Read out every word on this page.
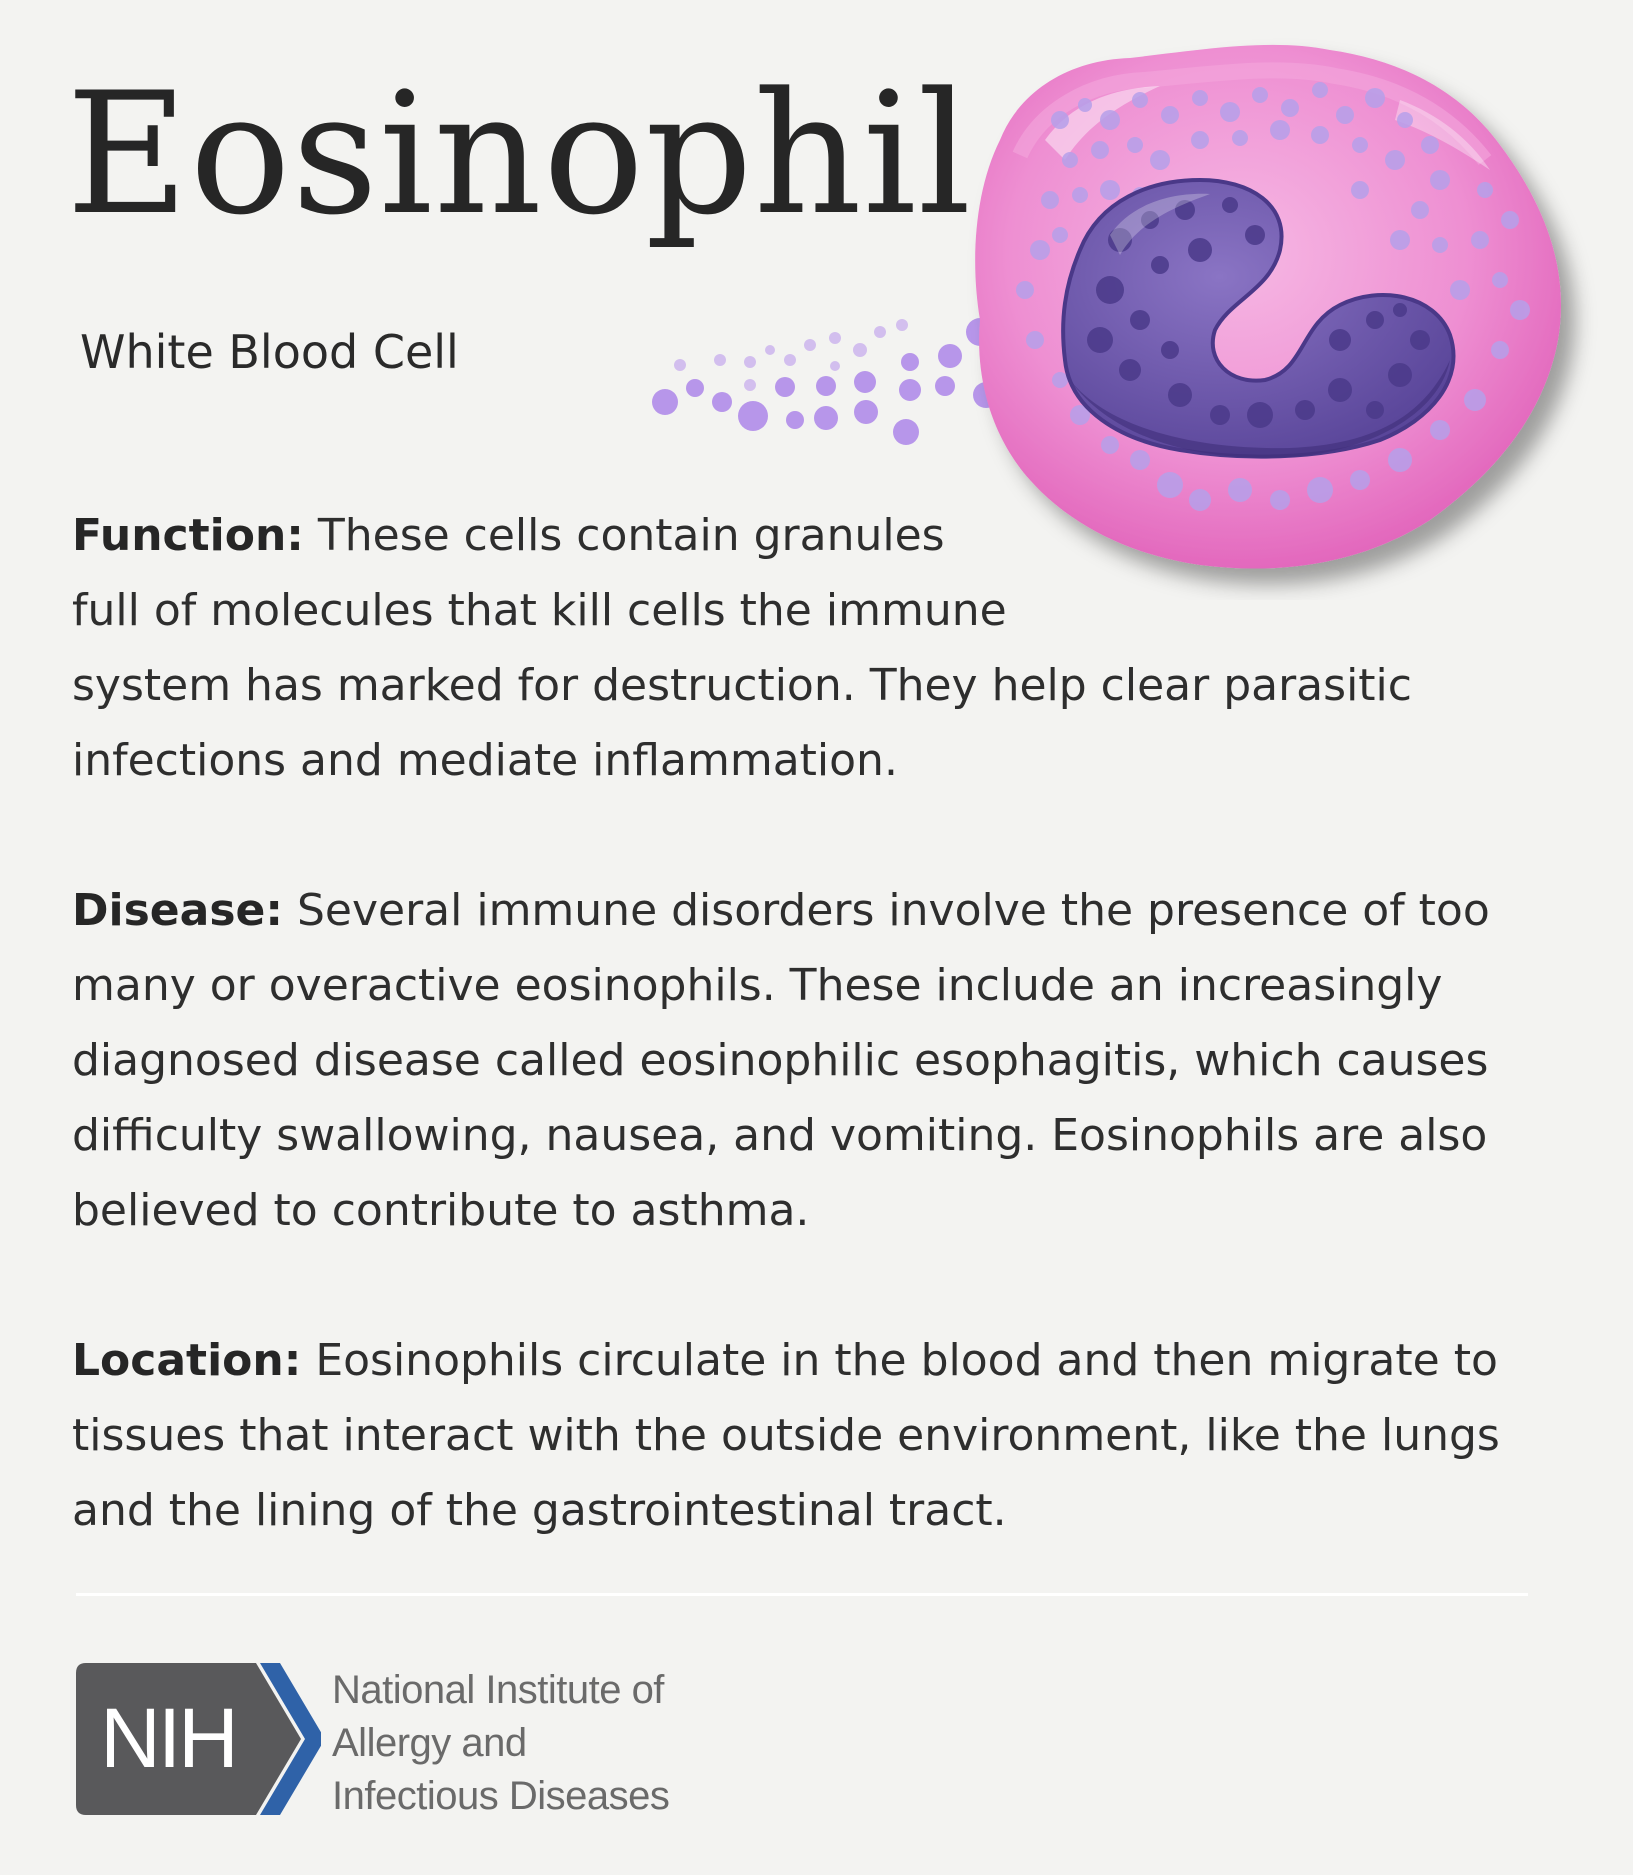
Eosinophil

White Blood Cell

Function: These cells contain granules
full of molecules that kill cells the immune
system has marked for destruction. They help clear parasitic
infections and mediate inflammation.

Disease: Several immune disorders involve the presence of too many or overactive eosinophils. These include an increasingly diagnosed disease called eosinophilic esophagitis, which causes difficulty swallowing, nausea, and vomiting. Eosinophils are also believed to contribute to asthma.

Location: Eosinophils circulate in the blood and then migrate to tissues that interact with the outside environment, like the lungs and the lining of the gastrointestinal tract.

NIH

National Institute of
Allergy and
Infectious Diseases
